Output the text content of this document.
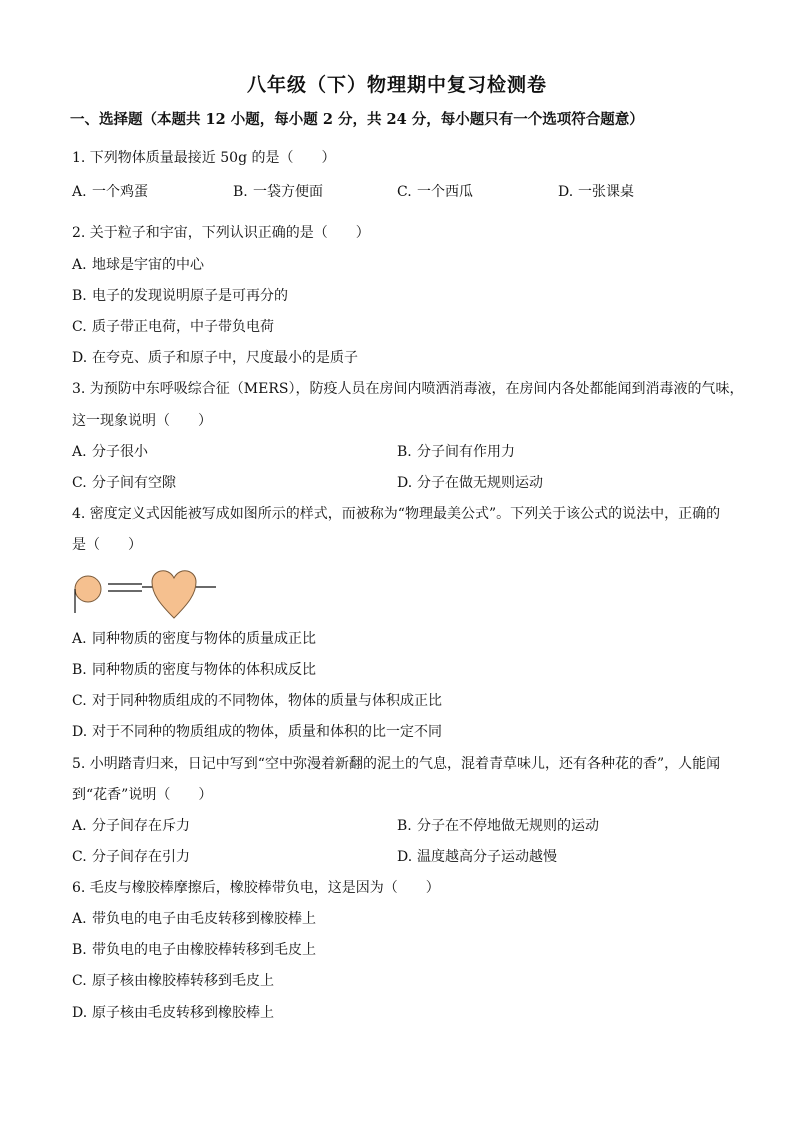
八年级（下）物理期中复习检测卷
一、选择题（本题共 12 小题，每小题 2 分，共 24 分，每小题只有一个选项符合题意）
1. 下列物体质量最接近 50g 的是（　　）
A. 一个鸡蛋	B. 一袋方便面	C. 一个西瓜	D. 一张课桌
2. 关于粒子和宇宙，下列认识正确的是（　　）
A. 地球是宇宙的中心
B. 电子的发现说明原子是可再分的
C. 质子带正电荷，中子带负电荷
D. 在夸克、质子和原子中，尺度最小的是质子
3. 为预防中东呼吸综合征（MERS），防疫人员在房间内喷洒消毒液，在房间内各处都能闻到消毒液的气味，
这一现象说明（　　）
A. 分子很小	B. 分子间有作用力
C. 分子间有空隙	D. 分子在做无规则运动
4. 密度定义式因能被写成如图所示的样式，而被称为“物理最美公式”。下列关于该公式的说法中，正确的
是（　　）
A. 同种物质的密度与物体的质量成正比
B. 同种物质的密度与物体的体积成反比
C. 对于同种物质组成的不同物体，物体的质量与体积成正比
D. 对于不同种的物质组成的物体，质量和体积的比一定不同
5. 小明踏青归来，日记中写到“空中弥漫着新翻的泥土的气息，混着青草味儿，还有各种花的香”，人能闻
到“花香”说明（　　）
A. 分子间存在斥力	B. 分子在不停地做无规则的运动
C. 分子间存在引力	D. 温度越高分子运动越慢
6. 毛皮与橡胶棒摩擦后，橡胶棒带负电，这是因为（　　）
A. 带负电的电子由毛皮转移到橡胶棒上
B. 带负电的电子由橡胶棒转移到毛皮上
C. 原子核由橡胶棒转移到毛皮上
D. 原子核由毛皮转移到橡胶棒上
